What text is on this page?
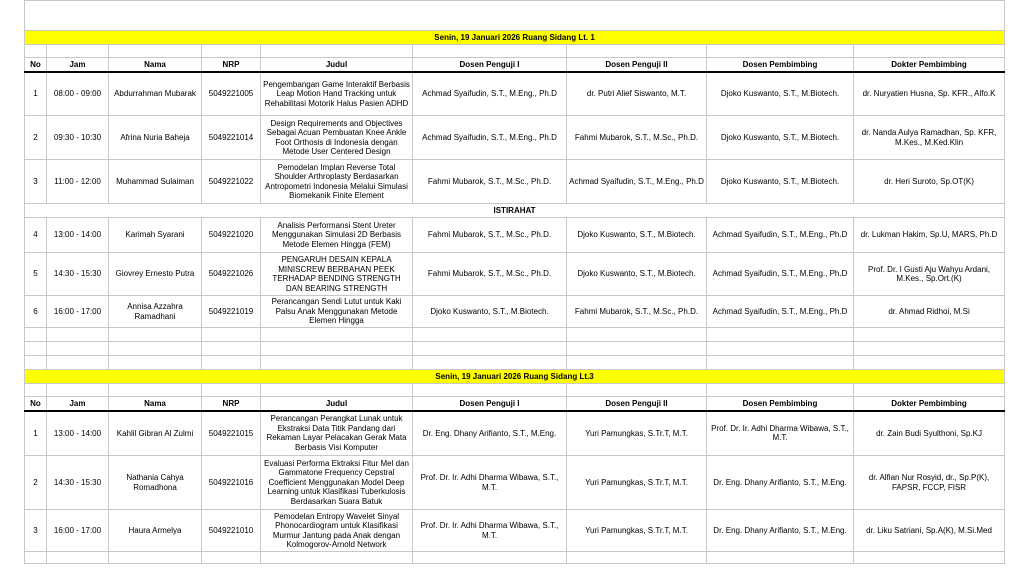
Senin, 19 Januari 2026 Ruang Sidang Lt. 1								

No	Jam	Nama	NRP	Judul	Dosen Penguji I	Dosen Penguji II	Dosen Pembimbing	Dokter Pembimbing
1	08:00 - 09:00	Abdurrahman Mubarak	5049221005	Pengembangan Game Interaktif Berbasis Leap Motion Hand Tracking untuk Rehabilitasi Motorik Halus Pasien ADHD	Achmad Syaifudin, S.T., M.Eng., Ph.D	dr. Putri Alief Siswanto, M.T.	Djoko Kuswanto, S.T., M.Biotech.	dr. Nuryatien Husna, Sp. KFR., Alfo.K
2	09:30 - 10:30	Afrina Nuria Baheja	5049221014	Design Requirements and Objectives Sebagai Acuan Pembuatan Knee Ankle Foot Orthosis di Indonesia dengan Metode User Centered Design	Achmad Syaifudin, S.T., M.Eng., Ph.D	Fahmi Mubarok, S.T., M.Sc., Ph.D.	Djoko Kuswanto, S.T., M.Biotech.	dr. Nanda Aulya Ramadhan, Sp. KFR, M.Kes., M.Ked.Klin
3	11:00 - 12:00	Muhammad Sulaiman	5049221022	Pemodelan Implan Reverse Total Shoulder Arthroplasty Berdasarkan Antropometri Indonesia Melalui Simulasi Biomekanik Finite Element	Fahmi Mubarok, S.T., M.Sc., Ph.D.	Achmad Syaifudin, S.T., M.Eng., Ph.D	Djoko Kuswanto, S.T., M.Biotech.	dr. Heri Suroto, Sp.OT(K)
ISTIRAHAT								
4	13:00 - 14:00	Karimah Syarani	5049221020	Analisis Performansi Stent Ureter Menggunakan Simulasi 2D Berbasis Metode Elemen Hingga (FEM)	Fahmi Mubarok, S.T., M.Sc., Ph.D.	Djoko Kuswanto, S.T., M.Biotech.	Achmad Syaifudin, S.T., M.Eng., Ph.D	dr. Lukman Hakim, Sp.U, MARS, Ph.D
5	14:30 - 15:30	Giovrey Ernesto Putra	5049221026	PENGARUH DESAIN KEPALA MINISCREW BERBAHAN PEEK TERHADAP BENDING STRENGTH DAN BEARING STRENGTH	Fahmi Mubarok, S.T., M.Sc., Ph.D.	Djoko Kuswanto, S.T., M.Biotech.	Achmad Syaifudin, S.T., M.Eng., Ph.D	Prof. Dr. I Gusti Aju Wahyu Ardani, M.Kes., Sp.Ort.(K)
6	16:00 - 17:00	Annisa Azzahra Ramadhani	5049221019	Perancangan Sendi Lutut untuk Kaki Palsu Anak Menggunakan Metode Elemen Hingga	Djoko Kuswanto, S.T., M.Biotech.	Fahmi Mubarok, S.T., M.Sc., Ph.D.	Achmad Syaifudin, S.T., M.Eng., Ph.D	dr. Ahmad Ridhoi, M.Si

Senin, 19 Januari 2026 Ruang Sidang Lt.3								

No	Jam	Nama	NRP	Judul	Dosen Penguji I	Dosen Penguji II	Dosen Pembimbing	Dokter Pembimbing
1	13:00 - 14:00	Kahlil Gibran Al Zulmi	5049221015	Perancangan Perangkat Lunak untuk Ekstraksi Data Titik Pandang dari Rekaman Layar Pelacakan Gerak Mata Berbasis Visi Komputer	Dr. Eng. Dhany Arifianto, S.T., M.Eng.	Yuri Pamungkas, S.Tr.T, M.T.	Prof. Dr. Ir. Adhi Dharma Wibawa, S.T., M.T.	dr. Zain Budi Syulthoni, Sp.KJ
2	14:30 - 15:30	Nathania Cahya Romadhona	5049221016	Evaluasi Performa Ektraksi Fitur Mel dan Gammatone Frequency Cepstral Coefficient Menggunakan Model Deep Learning untuk Klasifikasi Tuberkulosis Berdasarkan Suara Batuk	Prof. Dr. Ir. Adhi Dharma Wibawa, S.T., M.T.	Yuri Pamungkas, S.Tr.T, M.T.	Dr. Eng. Dhany Arifianto, S.T., M.Eng.	dr. Alfian Nur Rosyid, dr., Sp.P(K), FAPSR, FCCP, FISR
3	16:00 - 17:00	Haura Armelya	5049221010	Pemodelan Entropy Wavelet Sinyal Phonocardiogram untuk Klasifikasi Murmur Jantung pada Anak dengan Kolmogorov-Arnold Network	Prof. Dr. Ir. Adhi Dharma Wibawa, S.T., M.T.	Yuri Pamungkas, S.Tr.T, M.T.	Dr. Eng. Dhany Arifianto, S.T., M.Eng.	dr. Liku Satriani, Sp.A(K), M.Si.Med
